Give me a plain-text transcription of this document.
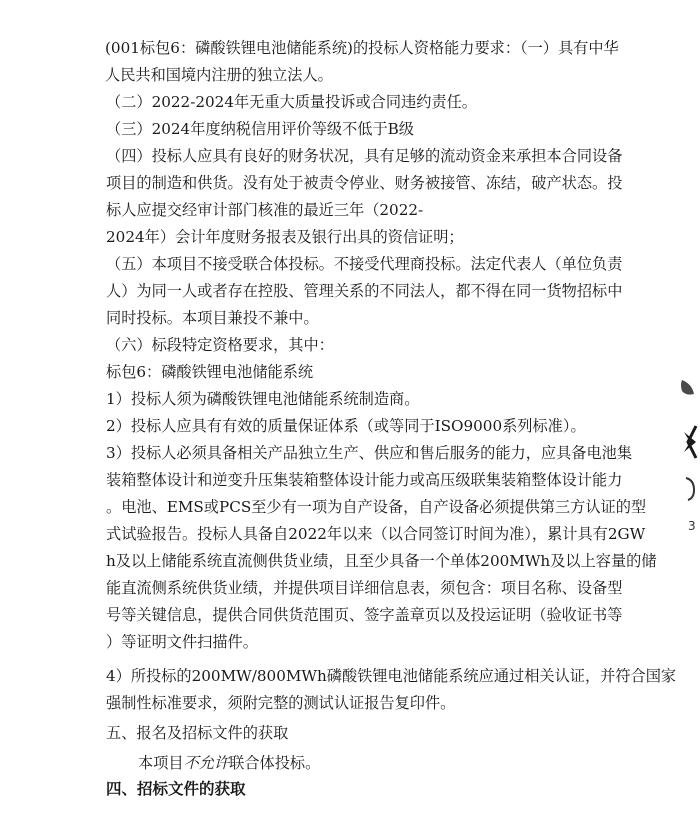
(001标包6：磷酸铁锂电池储能系统)的投标人资格能力要求：（一）具有中华
人民共和国境内注册的独立法人。
（二）2022-2024年无重大质量投诉或合同违约责任。
（三）2024年度纳税信用评价等级不低于B级
（四）投标人应具有良好的财务状况，具有足够的流动资金来承担本合同设备
项目的制造和供货。没有处于被责令停业、财务被接管、冻结，破产状态。投
标人应提交经审计部门核准的最近三年（2022-
2024年）会计年度财务报表及银行出具的资信证明；
（五）本项目不接受联合体投标。不接受代理商投标。法定代表人（单位负责
人）为同一人或者存在控股、管理关系的不同法人，都不得在同一货物招标中
同时投标。本项目兼投不兼中。
（六）标段特定资格要求，其中：
标包6：磷酸铁锂电池储能系统
1）投标人须为磷酸铁锂电池储能系统制造商。
2）投标人应具有有效的质量保证体系（或等同于ISO9000系列标准）。
3）投标人必须具备相关产品独立生产、供应和售后服务的能力，应具备电池集
装箱整体设计和逆变升压集装箱整体设计能力或高压级联集装箱整体设计能力
。电池、EMS或PCS至少有一项为自产设备，自产设备必须提供第三方认证的型
式试验报告。投标人具备自2022年以来（以合同签订时间为准），累计具有2GW
h及以上储能系统直流侧供货业绩，且至少具备一个单体200MWh及以上容量的储
能直流侧系统供货业绩，并提供项目详细信息表，须包含：项目名称、设备型
号等关键信息，提供合同供货范围页、签字盖章页以及投运证明（验收证书等
）等证明文件扫描件。
4）所投标的200MW/800MWh磷酸铁锂电池储能系统应通过相关认证，并符合国家
强制性标准要求，须附完整的测试认证报告复印件。
五、报名及招标文件的获取
本项目不允许联合体投标。
四、招标文件的获取
3
